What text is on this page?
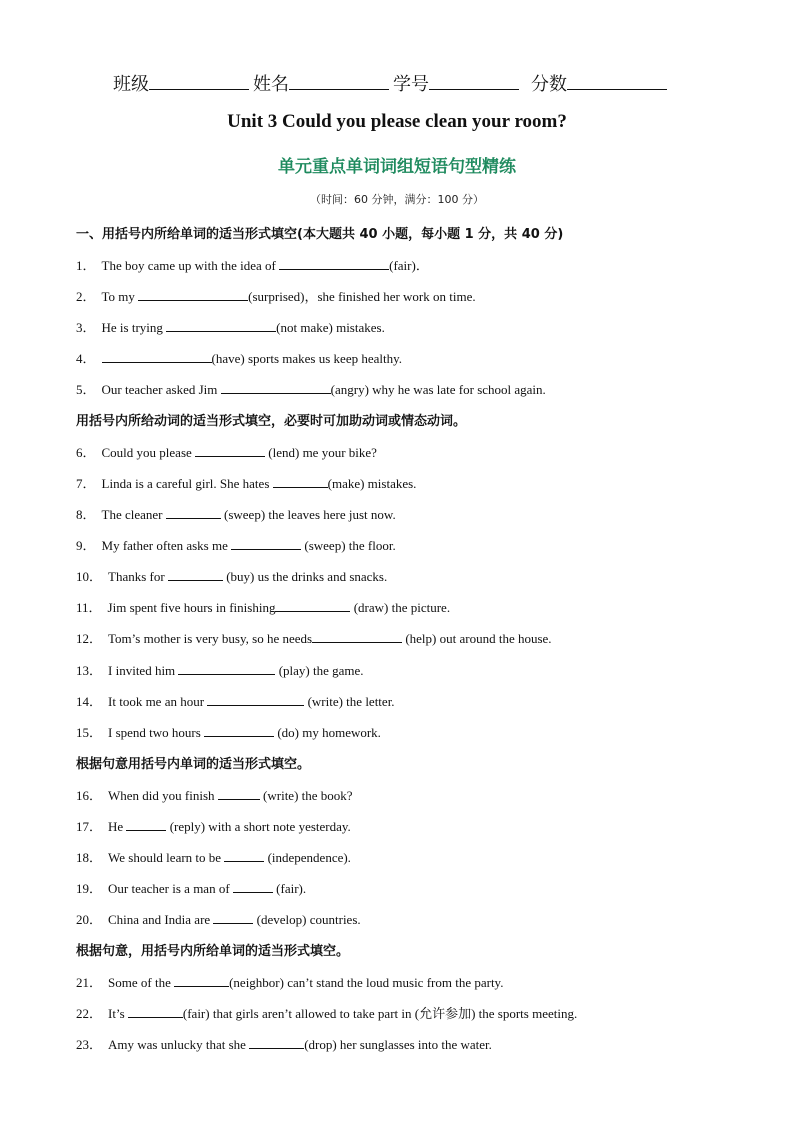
班级	姓名	学号	分数
Unit 3 Could you please clean your room?
单元重点单词词组短语句型精练
（时间：60 分钟，满分：100 分）
一、用括号内所给单词的适当形式填空(本大题共 40 小题，每小题 1 分，共 40 分)
用括号内所给动词的适当形式填空，必要时可加助动词或情态动词。
根据句意用括号内单词的适当形式填空。
根据句意，用括号内所给单词的适当形式填空。
1． The boy came up with the idea of	(fair)．
2． To my	(surprised)，she finished her work on time.
3． He is trying	(not make) mistakes.
4．	(have) sports makes us keep healthy.
5． Our teacher asked Jim	(angry) why he was late for school again.
6． Could you please	(lend) me your bike?
7． Linda is a careful girl. She hates	(make) mistakes.
8． The cleaner	(sweep) the leaves here just now.
9． My father often asks me	(sweep) the floor.
10． Thanks for	(buy) us the drinks and snacks.
11． Jim spent five hours in finishing	(draw) the picture.
12． Tom’s mother is very busy, so he needs	(help) out around the house.
13． I invited him	(play) the game.
14． It took me an hour	(write) the letter.
15． I spend two hours	(do) my homework.
16． When did you finish	(write) the book?
17． He	(reply) with a short note yesterday.
18． We should learn to be	(independence).
19． Our teacher is a man of	(fair).
20． China and India are	(develop) countries.
21． Some of the	(neighbor) can’t stand the loud music from the party.
22． It’s	(fair) that girls aren’t allowed to take part in (允许参加) the sports meeting.
23． Amy was unlucky that she	(drop) her sunglasses into the water.
